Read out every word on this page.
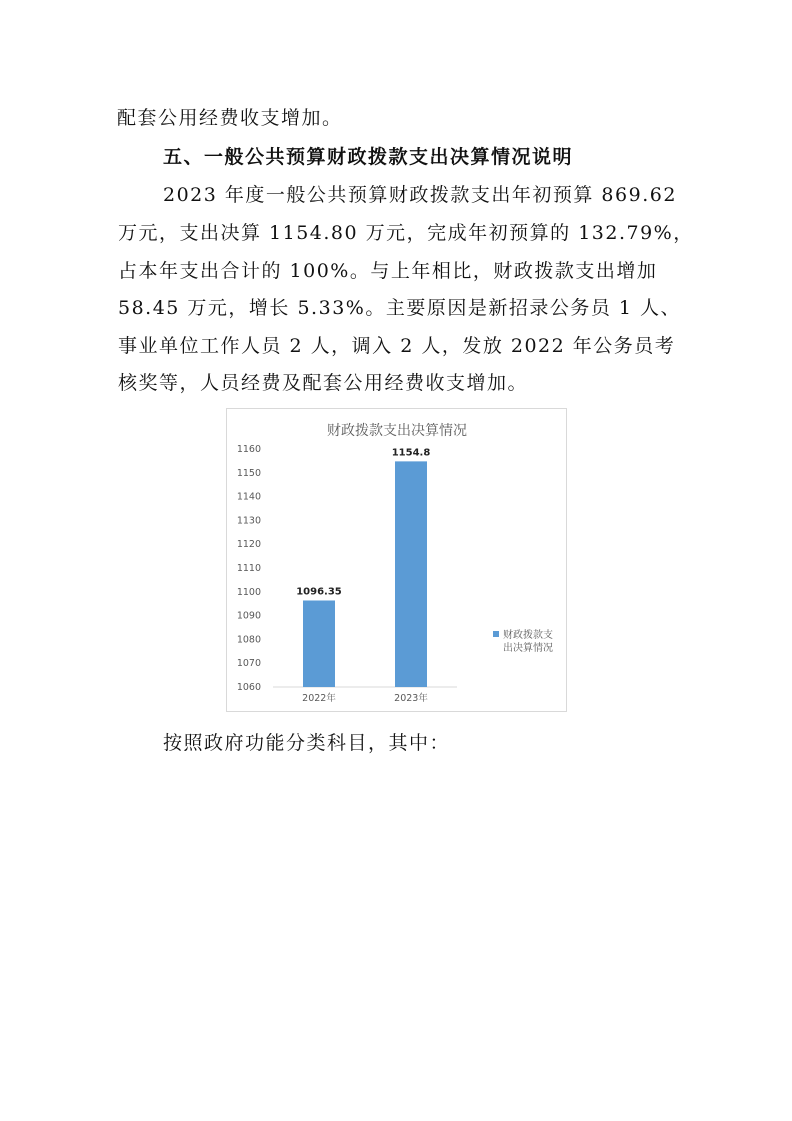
配套公用经费收支增加。
五、一般公共预算财政拨款支出决算情况说明
2023 年度一般公共预算财政拨款支出年初预算 869.62
万元，支出决算 1154.80 万元，完成年初预算的 132.79%，
占本年支出合计的 100%。与上年相比，财政拨款支出增加
58.45 万元，增长 5.33%。主要原因是新招录公务员 1 人、
事业单位工作人员 2 人，调入 2 人，发放 2022 年公务员考
核奖等，人员经费及配套公用经费收支增加。
财政拨款支出决算情况
1060
1070
1080
1090
1100
1110
1120
1130
1140
1150
1160
1096.35
2022年
1154.8
2023年
财政拨款支
出决算情况
按照政府功能分类科目，其中：
